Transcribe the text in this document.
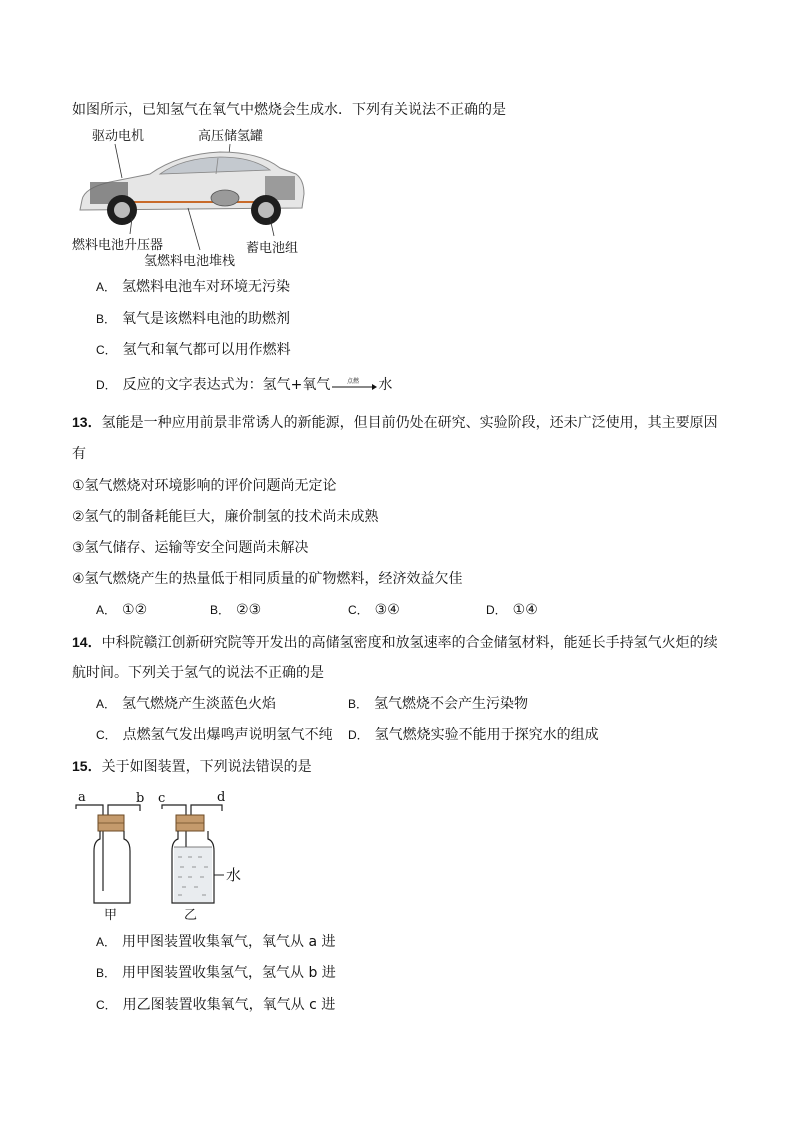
如图所示，已知氢气在氧气中燃烧会生成水．下列有关说法不正确的是
驱动电机	高压储氢罐
燃料电池升压器
氢燃料电池堆栈
蓄电池组
A． 氢燃料电池车对环境无污染
B． 氧气是该燃料电池的助燃剂
C． 氢气和氧气都可以用作燃料
D． 反应的文字表达式为：氢气+氧气	点燃 水
13．氢能是一种应用前景非常诱人的新能源，但目前仍处在研究、实验阶段，还未广泛使用，其主要原因
有
①氢气燃烧对环境影响的评价问题尚无定论
②氢气的制备耗能巨大，廉价制氢的技术尚未成熟
③氢气储存、运输等安全问题尚未解决
④氢气燃烧产生的热量低于相同质量的矿物燃料，经济效益欠佳
A． ①②	B． ②③	C． ③④	D． ①④
14．中科院赣江创新研究院等开发出的高储氢密度和放氢速率的合金储氢材料，能延长手持氢气火炬的续
航时间。下列关于氢气的说法不正确的是
A． 氢气燃烧产生淡蓝色火焰	B． 氢气燃烧不会产生污染物
C． 点燃氢气发出爆鸣声说明氢气不纯 D． 氢气燃烧实验不能用于探究水的组成
15．关于如图装置，下列说法错误的是
a	b
甲
c	d
水
乙
A． 用甲图装置收集氧气，氧气从 a 进
B． 用甲图装置收集氢气，氢气从 b 进
C． 用乙图装置收集氧气，氧气从 c 进
